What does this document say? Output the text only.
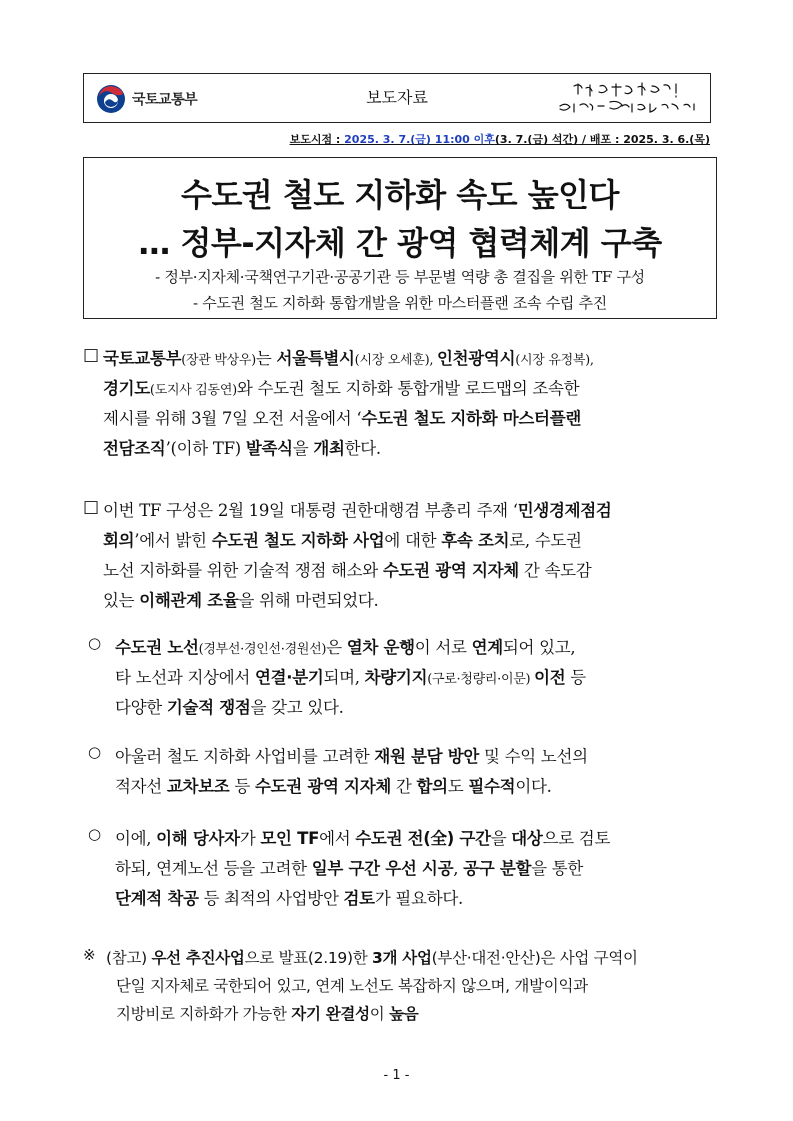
국토교통부	보도자료
보도시점 : 2025. 3. 7.(금) 11:00 이후(3. 7.(금) 석간) / 배포 : 2025. 3. 6.(목)
수도권 철도 지하화 속도 높인다
… 정부-지자체 간 광역 협력체계 구축
- 정부·지자체·국책연구기관·공공기관 등 부문별 역량 총 결집을 위한 TF 구성
- 수도권 철도 지하화 통합개발을 위한 마스터플랜 조속 수립 추진
□ 국토교통부(장관 박상우)는 서울특별시(시장 오세훈), 인천광역시(시장 유정복),
경기도(도지사 김동연)와 수도권 철도 지하화 통합개발 로드맵의 조속한
제시를 위해 3월 7일 오전 서울에서 ‘수도권 철도 지하화 마스터플랜
전담조직’(이하 TF) 발족식을 개최한다.
□ 이번 TF 구성은 2월 19일 대통령 권한대행겸 부총리 주재 ‘민생경제점검
회의’에서 밝힌 수도권 철도 지하화 사업에 대한 후속 조치로, 수도권
노선 지하화를 위한 기술적 쟁점 해소와 수도권 광역 지자체 간 속도감
있는 이해관계 조율을 위해 마련되었다.
○ 수도권 노선(경부선·경인선·경원선)은 열차 운행이 서로 연계되어 있고,
타 노선과 지상에서 연결·분기되며, 차량기지(구로·청량리·이문) 이전 등
다양한 기술적 쟁점을 갖고 있다.
○ 아울러 철도 지하화 사업비를 고려한 재원 분담 방안 및 수익 노선의
적자선 교차보조 등 수도권 광역 지자체 간 합의도 필수적이다.
○ 이에, 이해 당사자가 모인 TF에서 수도권 전(全) 구간을 대상으로 검토
하되, 연계노선 등을 고려한 일부 구간 우선 시공, 공구 분할을 통한
단계적 착공 등 최적의 사업방안 검토가 필요하다.
※ (참고) 우선 추진사업으로 발표(2.19)한 3개 사업(부산·대전·안산)은 사업 구역이
단일 지자체로 국한되어 있고, 연계 노선도 복잡하지 않으며, 개발이익과
지방비로 지하화가 가능한 자기 완결성이 높음
- 1 -
